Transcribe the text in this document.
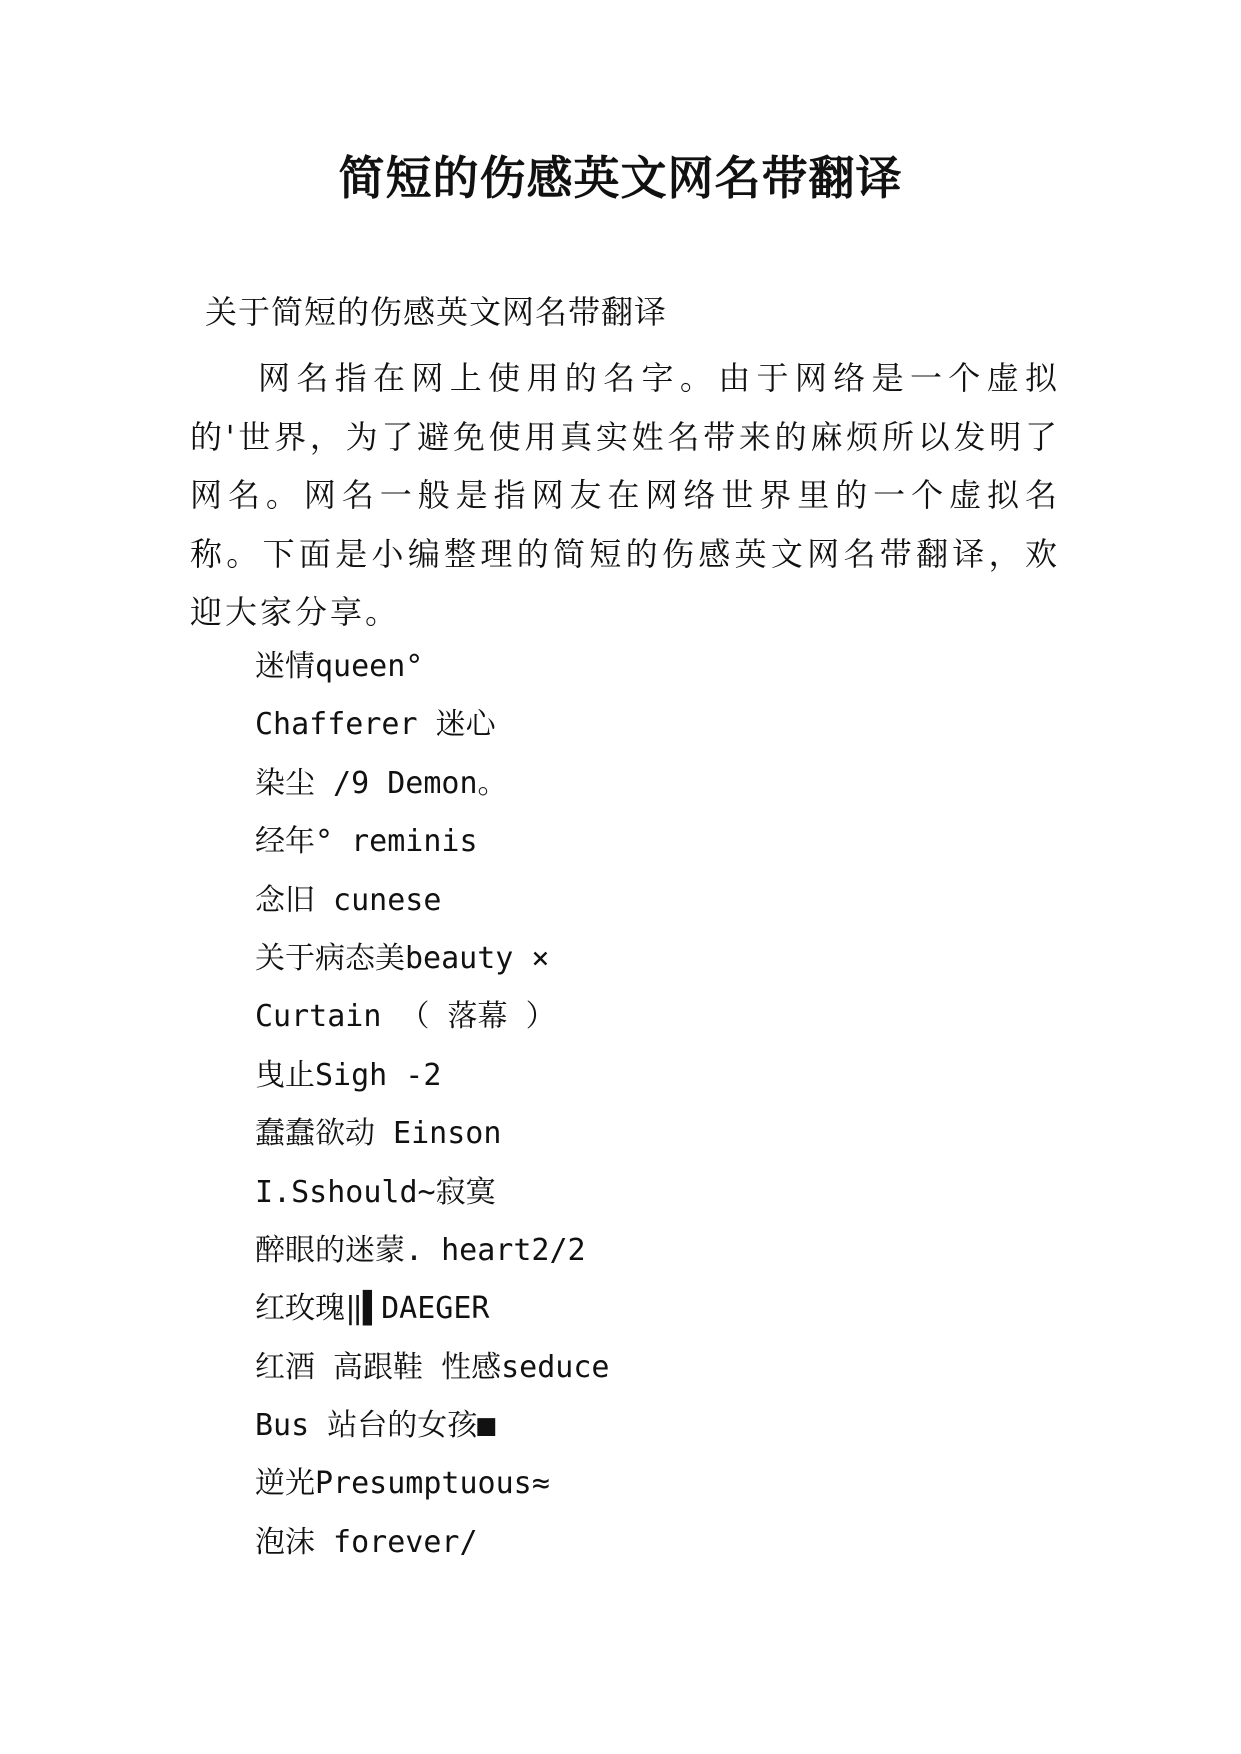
简短的伤感英文网名带翻译

关于简短的伤感英文网名带翻译

网名指在网上使用的名字。由于网络是一个虚拟的'世界，为了避免使用真实姓名带来的麻烦所以发明了网名。网名一般是指网友在网络世界里的一个虚拟名称。下面是小编整理的简短的伤感英文网名带翻译，欢迎大家分享。

迷情queen°
Chafferer 迷心
染尘 /9 Demon。
经年° reminis
念旧 cunese
关于病态美beauty ×
Curtain （ 落幕 ）
曳止Sigh -2
蠢蠢欲动 Einson
I.Sshould~寂寞
醉眼的迷蒙. heart2/2
红玫瑰‖▌DAEGER
红酒 高跟鞋 性感seduce
Bus 站台的女孩■
逆光Presumptuous≈
泡沫 forever/
